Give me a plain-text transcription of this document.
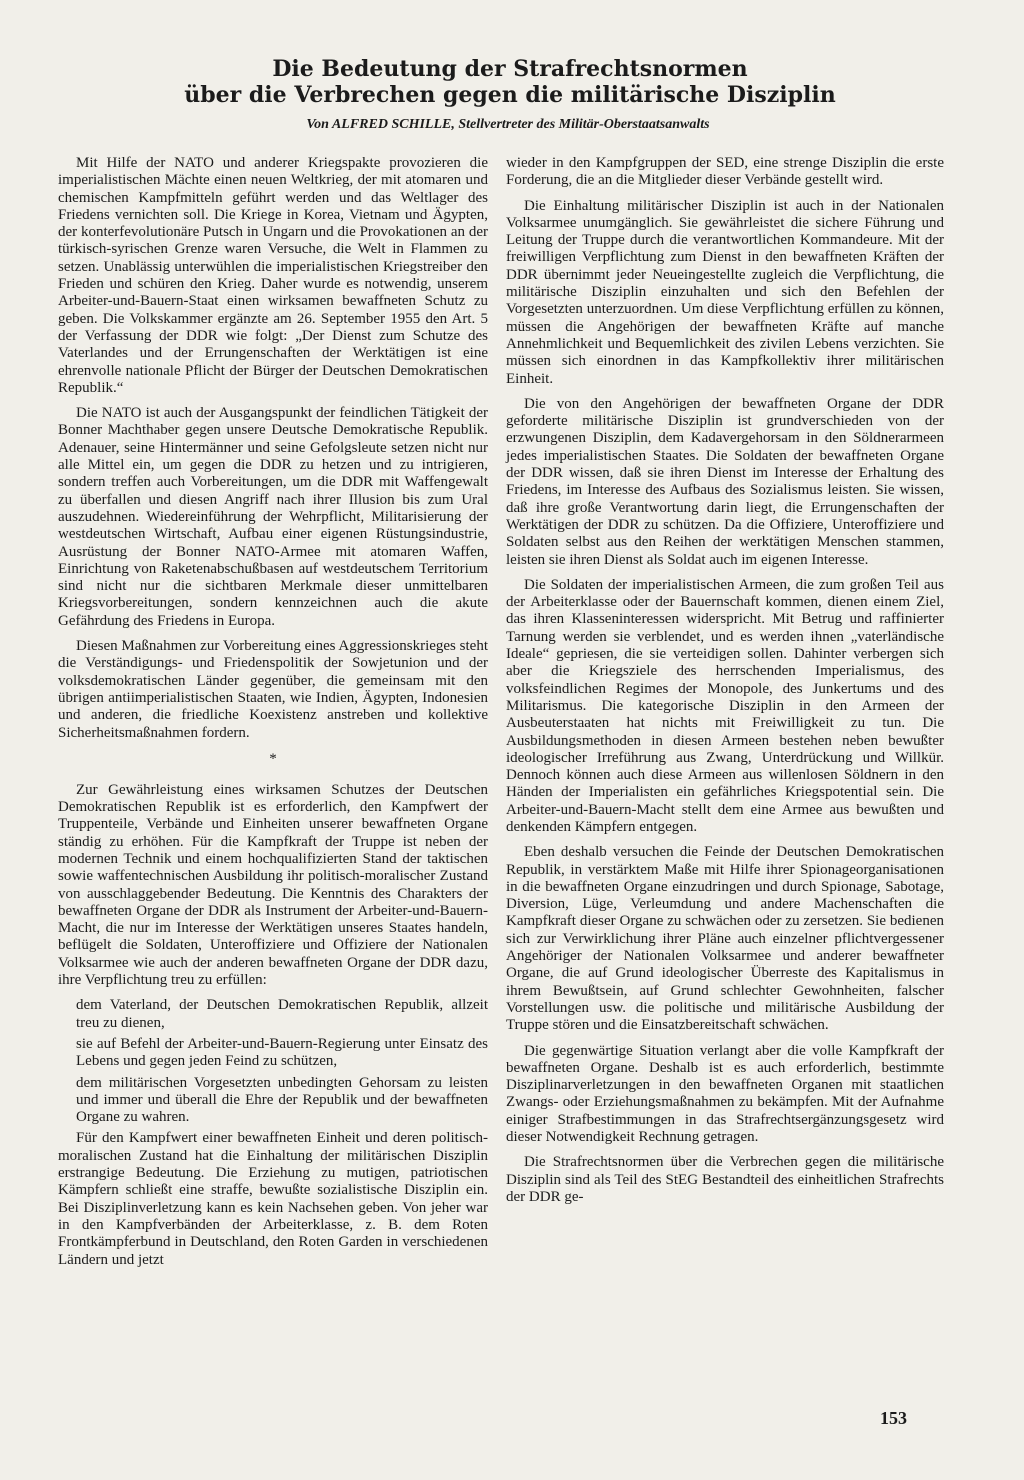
Die Bedeutung der Strafrechtsnormen
über die Verbrechen gegen die militärische Disziplin

Von ALFRED SCHILLE, Stellvertreter des Militär-Oberstaatsanwalts

Mit Hilfe der NATO und anderer Kriegspakte provozieren die imperialistischen Mächte einen neuen Weltkrieg, der mit atomaren und chemischen Kampfmitteln geführt werden und das Weltlager des Friedens vernichten soll. Die Kriege in Korea, Vietnam und Ägypten, der konterfevolutionäre Putsch in Ungarn und die Provokationen an der türkisch-syrischen Grenze waren Versuche, die Welt in Flammen zu setzen. Unablässig unterwühlen die imperialistischen Kriegstreiber den Frieden und schüren den Krieg. Daher wurde es notwendig, unserem Arbeiter-und-Bauern-Staat einen wirksamen bewaffneten Schutz zu geben. Die Volkskammer ergänzte am 26. September 1955 den Art. 5 der Verfassung der DDR wie folgt: „Der Dienst zum Schutze des Vaterlandes und der Errungenschaften der Werktätigen ist eine ehrenvolle nationale Pflicht der Bürger der Deutschen Demokratischen Republik.“

Die NATO ist auch der Ausgangspunkt der feindlichen Tätigkeit der Bonner Machthaber gegen unsere Deutsche Demokratische Republik. Adenauer, seine Hintermänner und seine Gefolgsleute setzen nicht nur alle Mittel ein, um gegen die DDR zu hetzen und zu intrigieren, sondern treffen auch Vorbereitungen, um die DDR mit Waffengewalt zu überfallen und diesen Angriff nach ihrer Illusion bis zum Ural auszudehnen. Wiedereinführung der Wehrpflicht, Militarisierung der westdeutschen Wirtschaft, Aufbau einer eigenen Rüstungsindustrie, Ausrüstung der Bonner NATO-Armee mit atomaren Waffen, Einrichtung von Raketenabschußbasen auf westdeutschem Territorium sind nicht nur die sichtbaren Merkmale dieser unmittelbaren Kriegsvorbereitungen, sondern kennzeichnen auch die akute Gefährdung des Friedens in Europa.

Diesen Maßnahmen zur Vorbereitung eines Aggressionskrieges steht die Verständigungs- und Friedenspolitik der Sowjetunion und der volksdemokratischen Länder gegenüber, die gemeinsam mit den übrigen antiimperialistischen Staaten, wie Indien, Ägypten, Indonesien und anderen, die friedliche Koexistenz anstreben und kollektive Sicherheitsmaßnahmen fordern.

*

Zur Gewährleistung eines wirksamen Schutzes der Deutschen Demokratischen Republik ist es erforderlich, den Kampfwert der Truppenteile, Verbände und Einheiten unserer bewaffneten Organe ständig zu erhöhen. Für die Kampfkraft der Truppe ist neben der modernen Technik und einem hochqualifizierten Stand der taktischen sowie waffentechnischen Ausbildung ihr politisch-moralischer Zustand von ausschlaggebender Bedeutung. Die Kenntnis des Charakters der bewaffneten Organe der DDR als Instrument der Arbeiter-und-Bauern-Macht, die nur im Interesse der Werktätigen unseres Staates handeln, beflügelt die Soldaten, Unteroffiziere und Offiziere der Nationalen Volksarmee wie auch der anderen bewaffneten Organe der DDR dazu, ihre Verpflichtung treu zu erfüllen:

dem Vaterland, der Deutschen Demokratischen Republik, allzeit treu zu dienen,

sie auf Befehl der Arbeiter-und-Bauern-Regierung unter Einsatz des Lebens und gegen jeden Feind zu schützen,

dem militärischen Vorgesetzten unbedingten Gehorsam zu leisten und immer und überall die Ehre der Republik und der bewaffneten Organe zu wahren.

Für den Kampfwert einer bewaffneten Einheit und deren politisch-moralischen Zustand hat die Einhaltung der militärischen Disziplin erstrangige Bedeutung. Die Erziehung zu mutigen, patriotischen Kämpfern schließt eine straffe, bewußte sozialistische Disziplin ein. Bei Disziplinverletzung kann es kein Nachsehen geben. Von jeher war in den Kampfverbänden der Arbeiterklasse, z. B. dem Roten Frontkämpferbund in Deutschland, den Roten Garden in verschiedenen Ländern und jetzt

wieder in den Kampfgruppen der SED, eine strenge Disziplin die erste Forderung, die an die Mitglieder dieser Verbände gestellt wird.

Die Einhaltung militärischer Disziplin ist auch in der Nationalen Volksarmee unumgänglich. Sie gewährleistet die sichere Führung und Leitung der Truppe durch die verantwortlichen Kommandeure. Mit der freiwilligen Verpflichtung zum Dienst in den bewaffneten Kräften der DDR übernimmt jeder Neueingestellte zugleich die Verpflichtung, die militärische Disziplin einzuhalten und sich den Befehlen der Vorgesetzten unterzuordnen. Um diese Verpflichtung erfüllen zu können, müssen die Angehörigen der bewaffneten Kräfte auf manche Annehmlichkeit und Bequemlichkeit des zivilen Lebens verzichten. Sie müssen sich einordnen in das Kampfkollektiv ihrer militärischen Einheit.

Die von den Angehörigen der bewaffneten Organe der DDR geforderte militärische Disziplin ist grundverschieden von der erzwungenen Disziplin, dem Kadavergehorsam in den Söldnerarmeen jedes imperialistischen Staates. Die Soldaten der bewaffneten Organe der DDR wissen, daß sie ihren Dienst im Interesse der Erhaltung des Friedens, im Interesse des Aufbaus des Sozialismus leisten. Sie wissen, daß ihre große Verantwortung darin liegt, die Errungenschaften der Werktätigen der DDR zu schützen. Da die Offiziere, Unteroffiziere und Soldaten selbst aus den Reihen der werktätigen Menschen stammen, leisten sie ihren Dienst als Soldat auch im eigenen Interesse.

Die Soldaten der imperialistischen Armeen, die zum großen Teil aus der Arbeiterklasse oder der Bauernschaft kommen, dienen einem Ziel, das ihren Klasseninteressen widerspricht. Mit Betrug und raffinierter Tarnung werden sie verblendet, und es werden ihnen „vaterländische Ideale“ gepriesen, die sie verteidigen sollen. Dahinter verbergen sich aber die Kriegsziele des herrschenden Imperialismus, des volksfeindlichen Regimes der Monopole, des Junkertums und des Militarismus. Die kategorische Disziplin in den Armeen der Ausbeuterstaaten hat nichts mit Freiwilligkeit zu tun. Die Ausbildungsmethoden in diesen Armeen bestehen neben bewußter ideologischer Irreführung aus Zwang, Unterdrückung und Willkür. Dennoch können auch diese Armeen aus willenlosen Söldnern in den Händen der Imperialisten ein gefährliches Kriegspotential sein. Die Arbeiter-und-Bauern-Macht stellt dem eine Armee aus bewußten und denkenden Kämpfern entgegen.

Eben deshalb versuchen die Feinde der Deutschen Demokratischen Republik, in verstärktem Maße mit Hilfe ihrer Spionageorganisationen in die bewaffneten Organe einzudringen und durch Spionage, Sabotage, Diversion, Lüge, Verleumdung und andere Machenschaften die Kampfkraft dieser Organe zu schwächen oder zu zersetzen. Sie bedienen sich zur Verwirklichung ihrer Pläne auch einzelner pflichtvergessener Angehöriger der Nationalen Volksarmee und anderer bewaffneter Organe, die auf Grund ideologischer Überreste des Kapitalismus in ihrem Bewußtsein, auf Grund schlechter Gewohnheiten, falscher Vorstellungen usw. die politische und militärische Ausbildung der Truppe stören und die Einsatzbereitschaft schwächen.

Die gegenwärtige Situation verlangt aber die volle Kampfkraft der bewaffneten Organe. Deshalb ist es auch erforderlich, bestimmte Disziplinarverletzungen in den bewaffneten Organen mit staatlichen Zwangs- oder Erziehungsmaßnahmen zu bekämpfen. Mit der Aufnahme einiger Strafbestimmungen in das Strafrechtsergänzungsgesetz wird dieser Notwendigkeit Rechnung getragen.

Die Strafrechtsnormen über die Verbrechen gegen die militärische Disziplin sind als Teil des StEG Bestandteil des einheitlichen Strafrechts der DDR ge-

153
